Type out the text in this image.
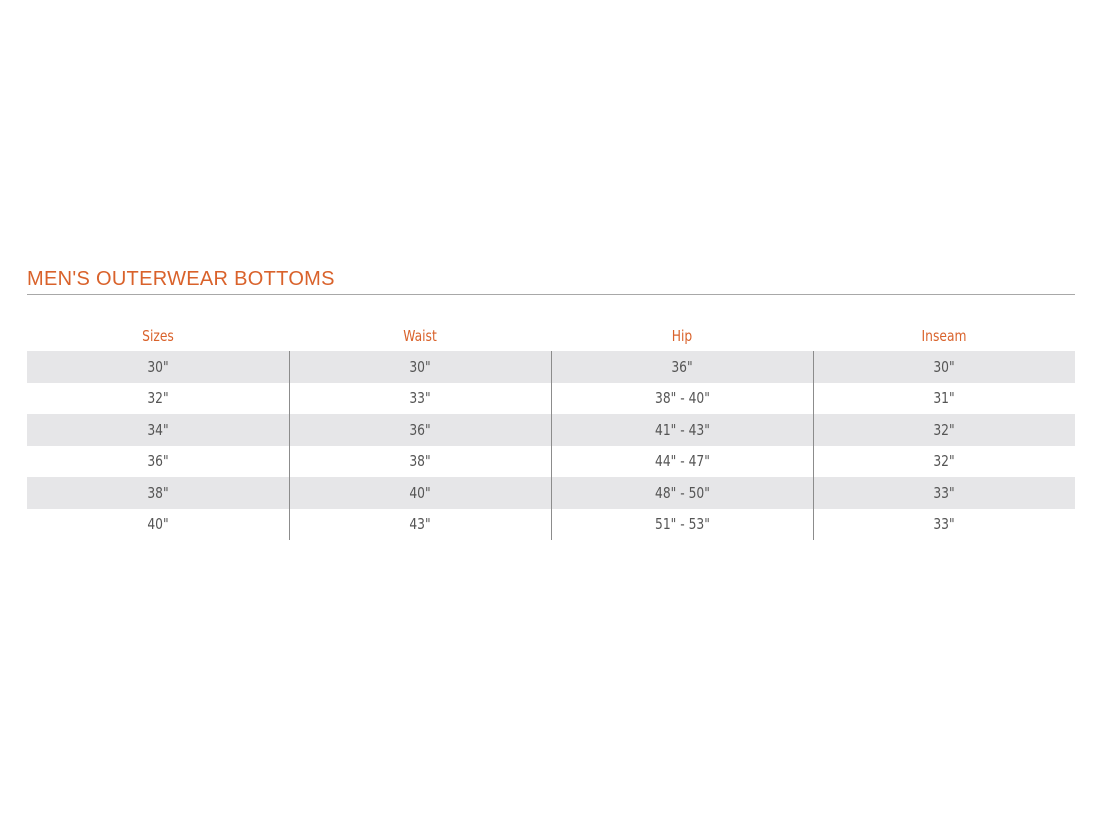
MEN'S OUTERWEAR BOTTOMS
Sizes	Waist	Hip	Inseam
30"	30"	36"	30"
32"	33"	38" - 40"	31"
34"	36"	41" - 43"	32"
36"	38"	44" - 47"	32"
38"	40"	48" - 50"	33"
40"	43"	51" - 53"	33"
